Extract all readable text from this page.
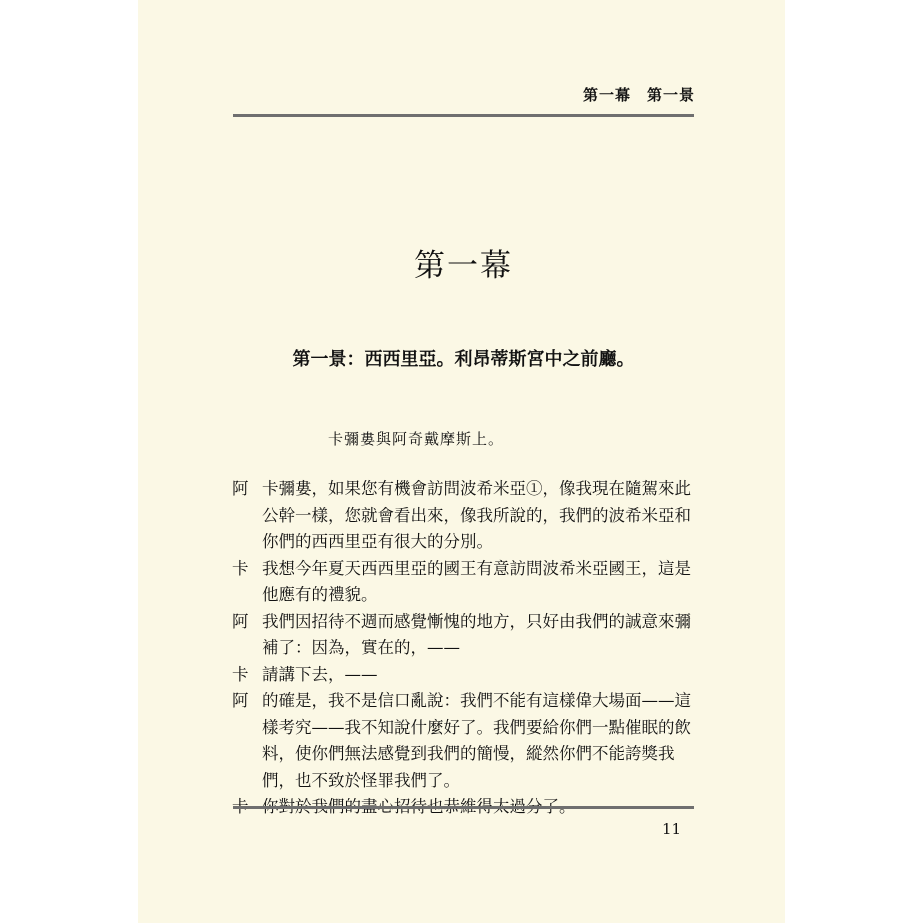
第一幕　第一景
第一幕
第一景：西西里亞。利昂蒂斯宮中之前廳。
卡彌婁與阿奇戴摩斯上。
阿 卡彌婁，如果您有機會訪問波希米亞①，像我現在隨駕來此
公幹一樣，您就會看出來，像我所說的，我們的波希米亞和
你們的西西里亞有很大的分別。
卡 我想今年夏天西西里亞的國王有意訪問波希米亞國王，這是
他應有的禮貌。
阿 我們因招待不週而感覺慚愧的地方，只好由我們的誠意來彌
補了：因為，實在的，——
卡 請講下去，——
阿 的確是，我不是信口亂說：我們不能有這樣偉大場面——這
樣考究——我不知說什麼好了。我們要給你們一點催眠的飲
料，使你們無法感覺到我們的簡慢，縱然你們不能誇獎我
們，也不致於怪罪我們了。
11
